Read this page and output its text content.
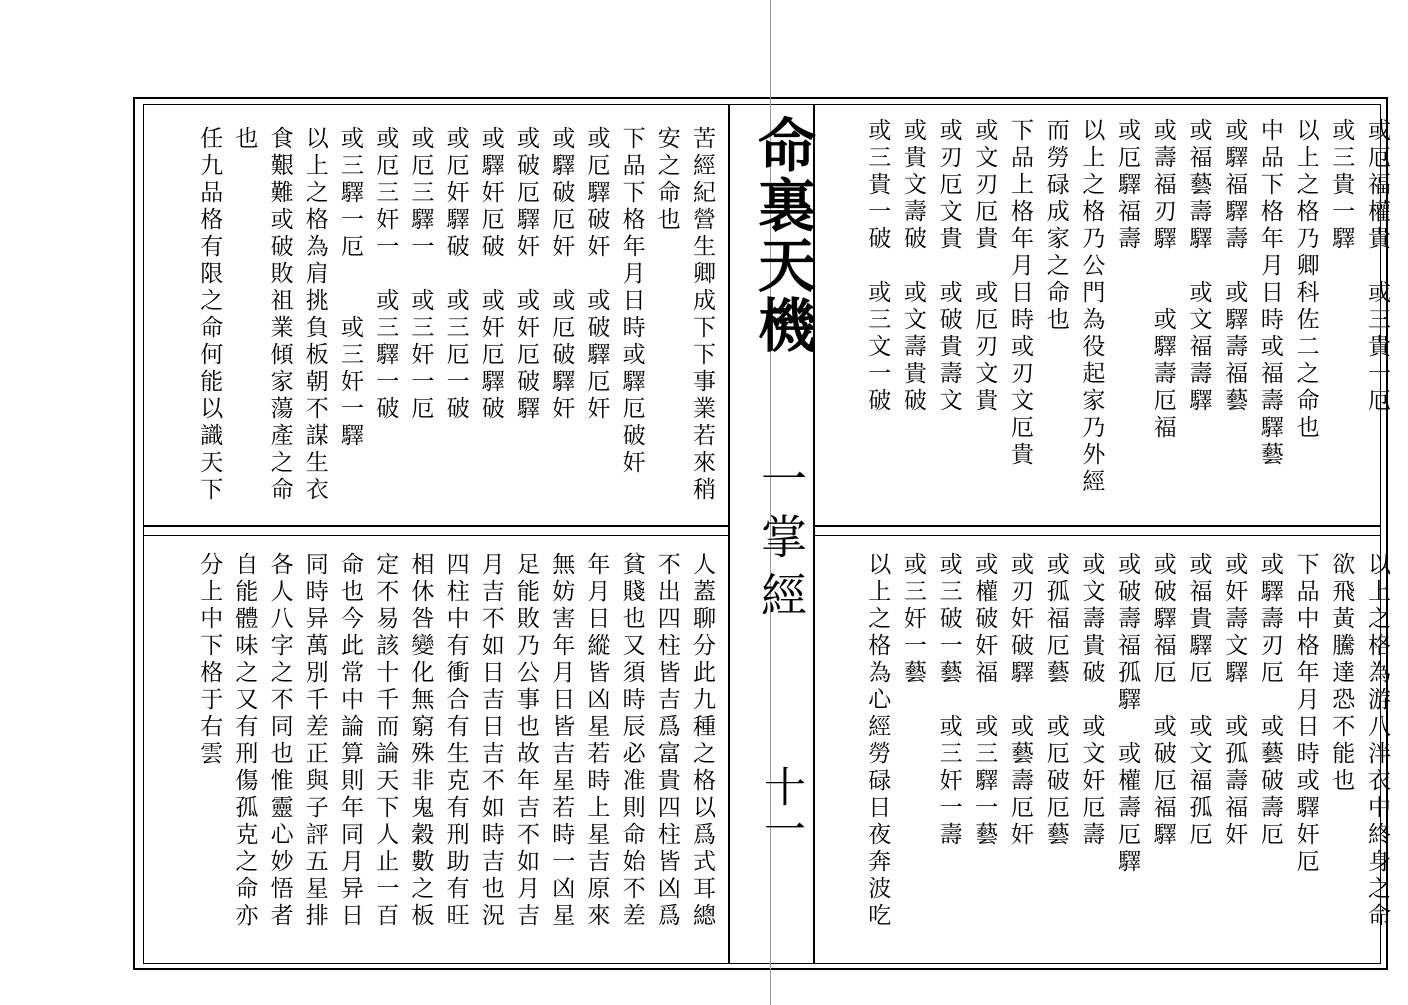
命裏天機
一掌經
十一
或厄福權貴　或三貴一厄
或三貴一驛
以上之格乃卿科佐二之命也
中品下格年月日時或福壽驛藝
或驛福驛壽　或驛壽福藝
或福藝壽驛　或文福壽驛
或壽福刃驛　　或驛壽厄福
或厄驛福壽
以上之格乃公門為役起家乃外經
而勞碌成家之命也
下品上格年月日時或刃文厄貴
或文刃厄貴　或厄刃文貴
或刃厄文貴　或破貴壽文
或貴文壽破　或文壽貴破
或三貴一破　或三文一破
苦經紀營生卿成下下事業若來稍
安之命也
下品下格年月日時或驛厄破奸
或厄驛破奸　或破驛厄奸
或驛破厄奸　或厄破驛奸
或破厄驛奸　或奸厄破驛
或驛奸厄破　或奸厄驛破
或厄奸驛破　或三厄一破
或厄三驛一　或三奸一厄
或厄三奸一　或三驛一破
或三驛一厄　　或三奸一驛
以上之格為肩挑負板朝不謀生衣
食艱難或破敗祖業傾家蕩產之命
也
任九品格有限之命何能以識天下
以上之格為游八泮衣中終身之命
欲飛黃騰達恐不能也
下品中格年月日時或驛奸厄
或驛壽刃厄　或藝破壽厄
或奸壽文驛　或孤壽福奸
或福貴驛厄　或文福孤厄
或破驛福厄　或破厄福驛
或破壽福孤驛　或權壽厄驛
或文壽貴破　或文奸厄壽
或孤福厄藝　或厄破厄藝
或刃奸破驛　或藝壽厄奸
或權破奸福　或三驛一藝
或三破一藝　或三奸一壽
或三奸一藝
以上之格為心經勞碌日夜奔波吃
人蓋聊分此九種之格以爲式耳總
不出四柱皆吉爲富貴四柱皆凶爲
貧賤也又須時辰必准則命始不差
年月日縱皆凶星若時上星吉原來
無妨害年月日皆吉星若時一凶星
足能敗乃公事也故年吉不如月吉
月吉不如日吉日吉不如時吉也況
四柱中有衝合有生克有刑助有旺
相休咎變化無窮殊非鬼穀數之板
定不易該十千而論天下人止一百
命也今此常中論算則年同月异日
同時异萬別千差正與子評五星排
各人八字之不同也惟靈心妙悟者
自能體味之又有刑傷孤克之命亦
分上中下格于右雲
